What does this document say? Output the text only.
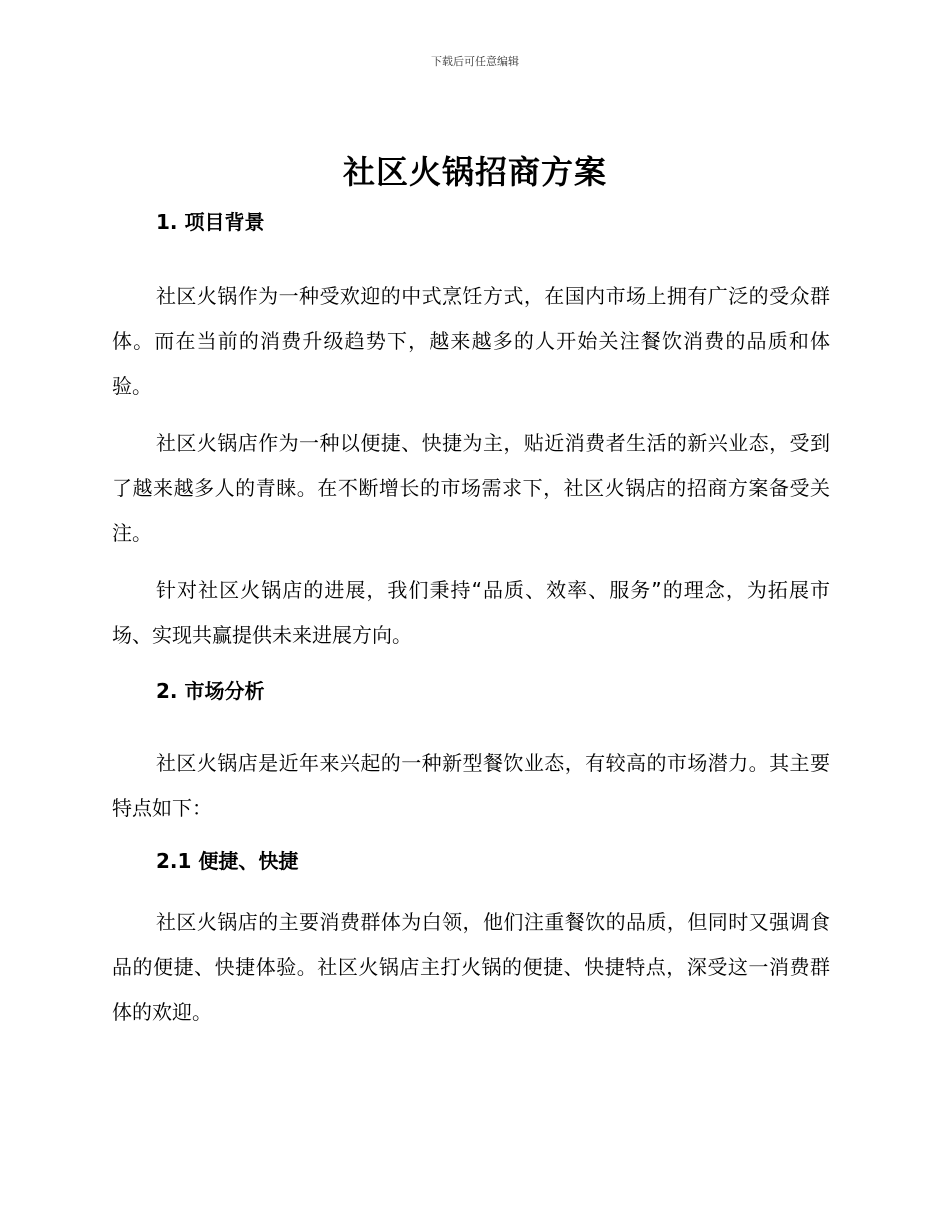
下载后可任意编辑
社区火锅招商方案
1. 项目背景

社区火锅作为一种受欢迎的中式烹饪方式，在国内市场上拥有广泛的受众群体。而在当前的消费升级趋势下，越来越多的人开始关注餐饮消费的品质和体验。

社区火锅店作为一种以便捷、快捷为主，贴近消费者生活的新兴业态，受到了越来越多人的青睐。在不断增长的市场需求下，社区火锅店的招商方案备受关注。

针对社区火锅店的进展，我们秉持“品质、效率、服务”的理念，为拓展市场、实现共赢提供未来进展方向。

2. 市场分析

社区火锅店是近年来兴起的一种新型餐饮业态，有较高的市场潜力。其主要特点如下：

2.1 便捷、快捷

社区火锅店的主要消费群体为白领，他们注重餐饮的品质，但同时又强调食品的便捷、快捷体验。社区火锅店主打火锅的便捷、快捷特点，深受这一消费群体的欢迎。
